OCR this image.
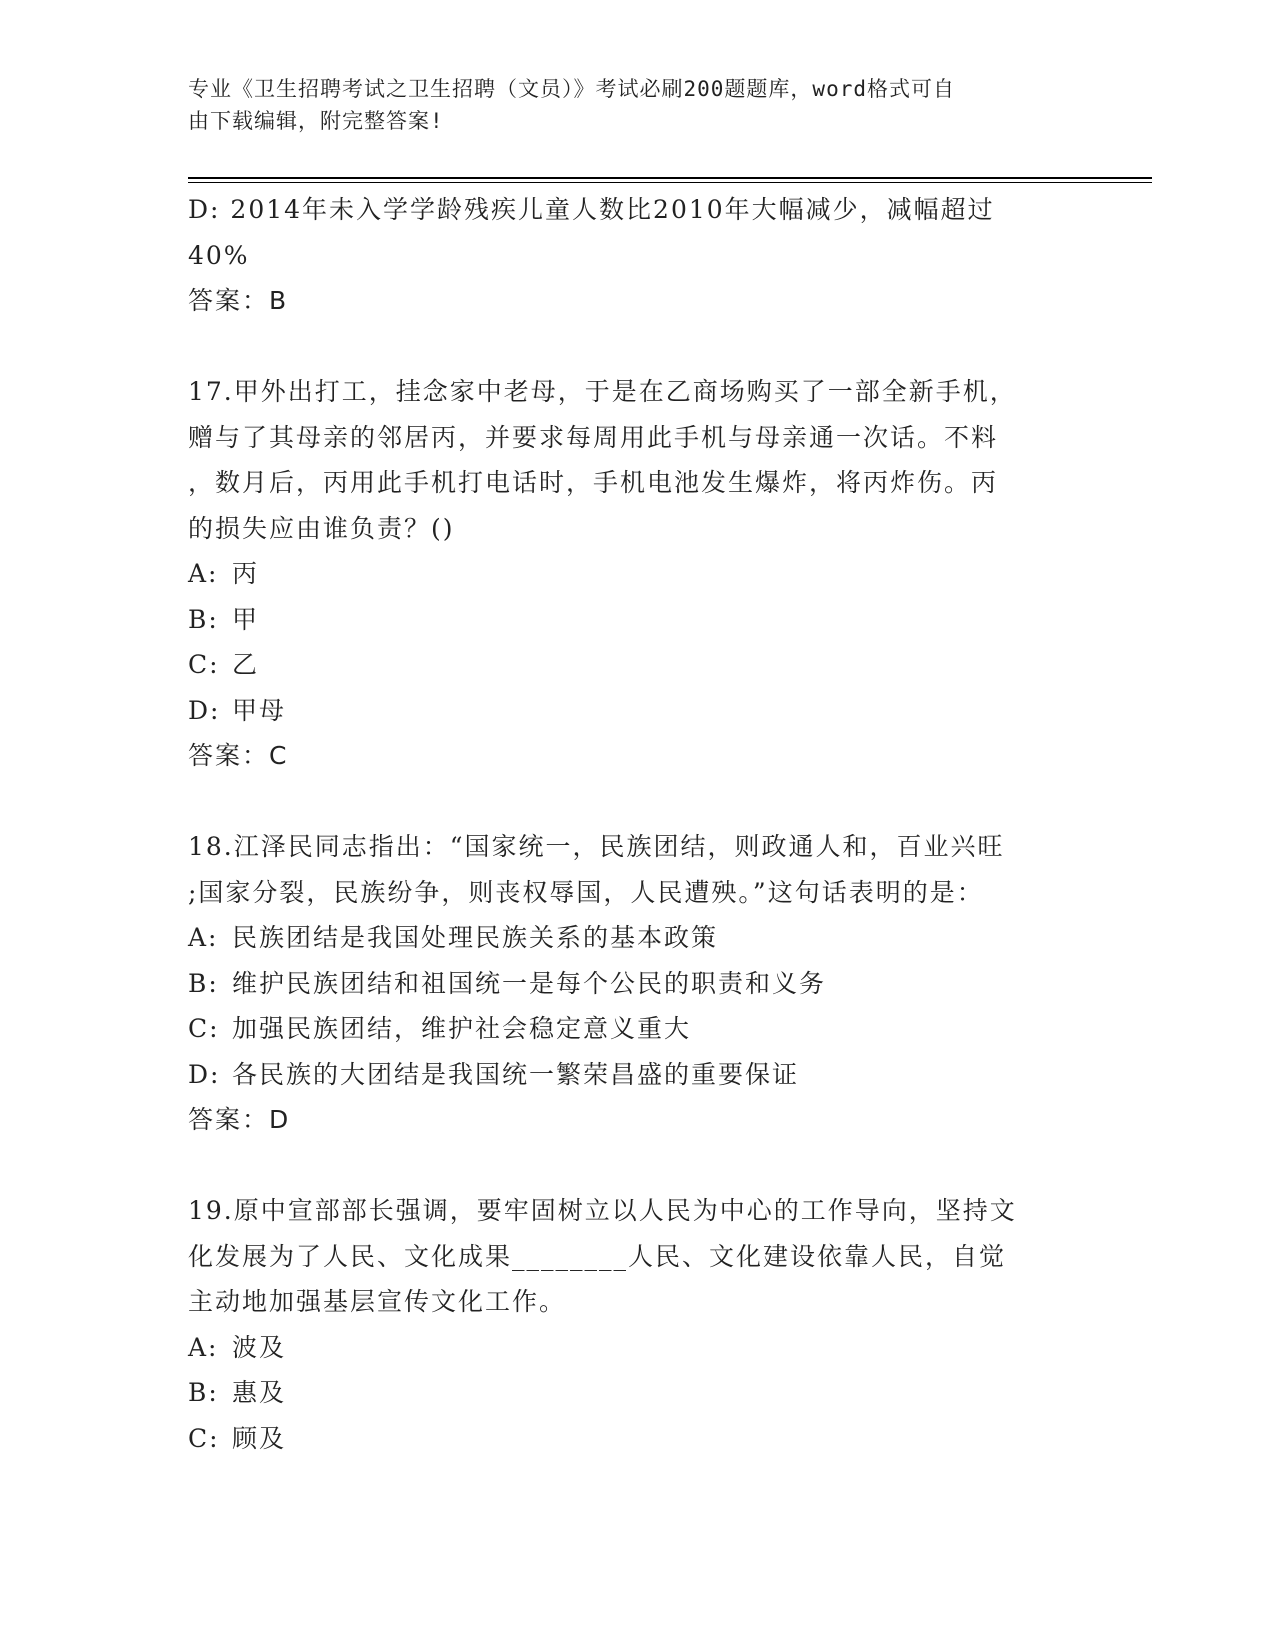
专业《卫生招聘考试之卫生招聘（文员）》考试必刷200题题库，word格式可自
由下载编辑，附完整答案!
D: 2014年未入学学龄残疾儿童人数比2010年大幅减少，减幅超过
40%
答案：B
17.甲外出打工，挂念家中老母，于是在乙商场购买了一部全新手机，
赠与了其母亲的邻居丙，并要求每周用此手机与母亲通一次话。不料
，数月后，丙用此手机打电话时，手机电池发生爆炸，将丙炸伤。丙
的损失应由谁负责？()
A: 丙
B: 甲
C: 乙
D: 甲母
答案：C
18.江泽民同志指出：“国家统一，民族团结，则政通人和，百业兴旺
;国家分裂，民族纷争，则丧权辱国，人民遭殃。”这句话表明的是：
A: 民族团结是我国处理民族关系的基本政策
B: 维护民族团结和祖国统一是每个公民的职责和义务
C: 加强民族团结，维护社会稳定意义重大
D: 各民族的大团结是我国统一繁荣昌盛的重要保证
答案：D
19.原中宣部部长强调，要牢固树立以人民为中心的工作导向，坚持文
化发展为了人民、文化成果________人民、文化建设依靠人民，自觉
主动地加强基层宣传文化工作。
A: 波及
B: 惠及
C: 顾及
